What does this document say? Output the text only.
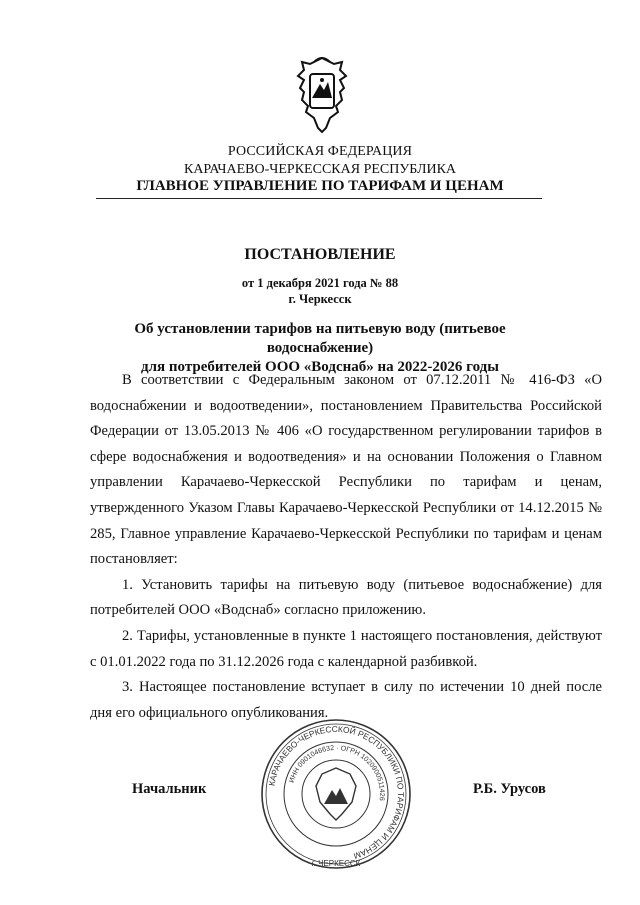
РОССИЙСКАЯ ФЕДЕРАЦИЯ
КАРАЧАЕВО-ЧЕРКЕССКАЯ РЕСПУБЛИКА
ГЛАВНОЕ УПРАВЛЕНИЕ ПО ТАРИФАМ И ЦЕНАМ
ПОСТАНОВЛЕНИЕ
от 1 декабря 2021 года № 88
г. Черкесск
Об установлении тарифов на питьевую воду (питьевое водоснабжение)
для потребителей ООО «Водснаб» на 2022-2026 годы

В соответствии с Федеральным законом от 07.12.2011 № 416-ФЗ «О водоснабжении и водоотведении», постановлением Правительства Российской Федерации от 13.05.2013 № 406 «О государственном регулировании тарифов в сфере водоснабжения и водоотведения» и на основании Положения о Главном управлении Карачаево-Черкесской Республики по тарифам и ценам, утвержденного Указом Главы Карачаево-Черкесской Республики от 14.12.2015 № 285, Главное управление Карачаево-Черкесской Республики по тарифам и ценам постановляет:

1. Установить тарифы на питьевую воду (питьевое водоснабжение) для потребителей ООО «Водснаб» согласно приложению.

2. Тарифы, установленные в пункте 1 настоящего постановления, действуют с 01.01.2022 года по 31.12.2026 года с календарной разбивкой.

3. Настоящее постановление вступает в силу по истечении 10 дней после дня его официального опубликования.

КАРАЧАЕВО-ЧЕРКЕССКОЙ РЕСПУБЛИКИ ПО ТАРИФАМ И ЦЕНАМ
ИНН 0901046632 · ОГРН 1020900511426
г. ЧЕРКЕССК
Начальник	Р.Б. Урусов
